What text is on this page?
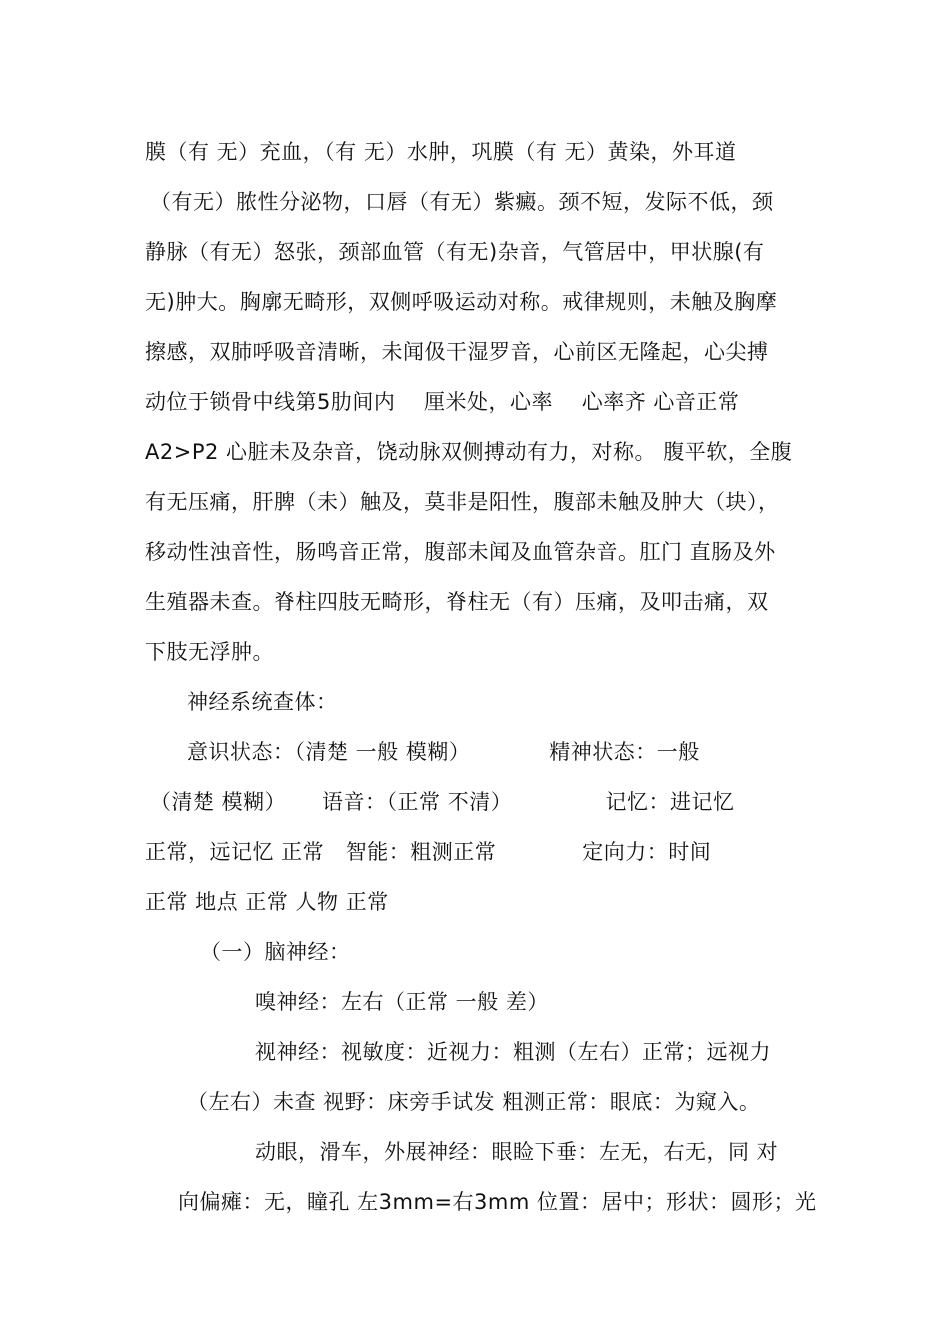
膜（有 无）充血，（有 无）水肿，巩膜（有 无）黄染，外耳道
（有无）脓性分泌物，口唇（有无）紫癜。颈不短，发际不低，颈
静脉（有无）怒张，颈部血管（有无)杂音，气管居中，甲状腺(有
无)肿大。胸廓无畸形，双侧呼吸运动对称。戒律规则，未触及胸摩
擦感，双肺呼吸音清晰，未闻伋干湿罗音，心前区无隆起，心尖搏
动位于锁骨中线第5肋间内    厘米处，心率    心率齐 心音正常
A2>P2 心脏未及杂音，饶动脉双侧搏动有力，对称。 腹平软，全腹
有无压痛，肝脾（未）触及，莫非是阳性，腹部未触及肿大（块），
移动性浊音性，肠鸣音正常，腹部未闻及血管杂音。肛门 直肠及外
生殖器未查。脊柱四肢无畸形，脊柱无（有）压痛，及叩击痛，双
下肢无浮肿。
神经系统查体：
意识状态：（清楚 一般 模糊）           精神状态：一般
（清楚 模糊）     语音：（正常 不清）             记忆：进记忆
正常，远记忆 正常   智能：粗测正常            定向力：时间
正常 地点 正常 人物 正常
（一）脑神经：
嗅神经：左右（正常 一般 差）
视神经：视敏度：近视力：粗测（左右）正常；远视力
（左右）未查 视野：床旁手试发 粗测正常：眼底：为窥入。
动眼，滑车，外展神经：眼睑下垂：左无，右无，同 对
向偏瘫：无，瞳孔 左3mm=右3mm 位置：居中；形状：圆形；光
